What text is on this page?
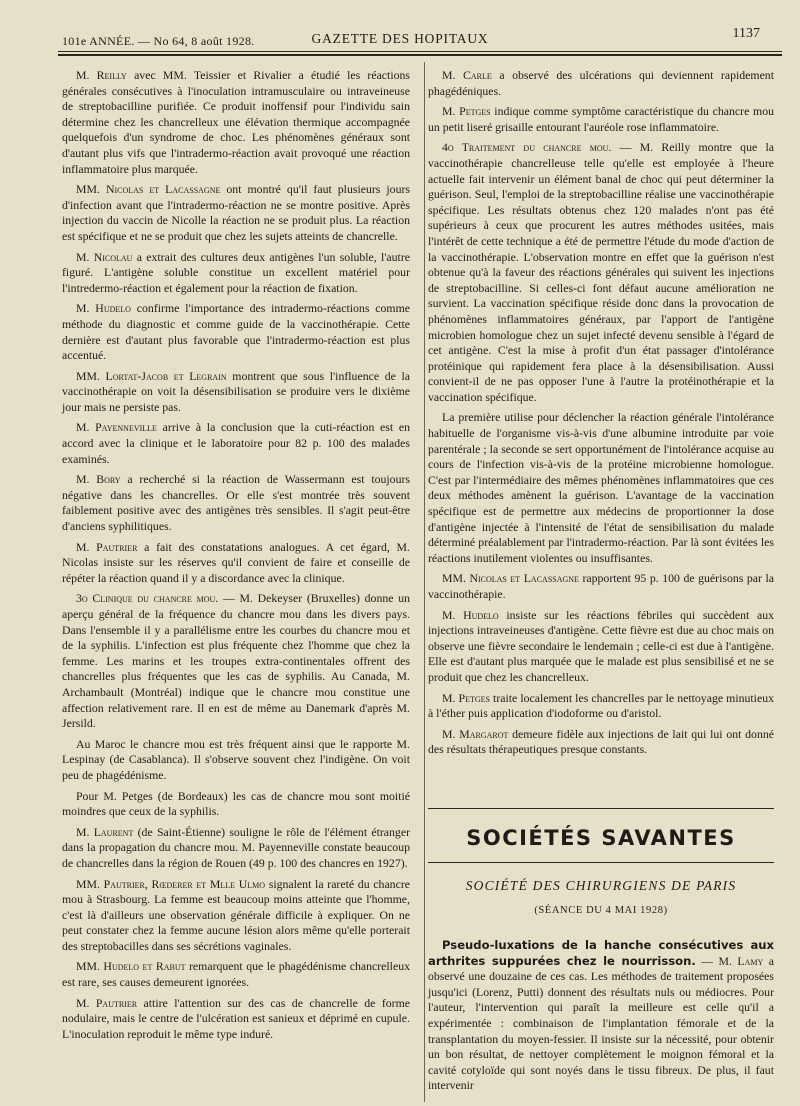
101e ANNÉE. — No 64, 8 août 1928.	GAZETTE DES HOPITAUX	1137

M. Reilly avec MM. Teissier et Rivalier a étudié les réactions générales consécutives à l'inoculation intramusculaire ou intraveineuse de streptobacilline purifiée. Ce produit inoffensif pour l'individu sain détermine chez les chancrelleux une élévation thermique accompagnée quelquefois d'un syndrome de choc. Les phénomènes généraux sont d'autant plus vifs que l'intradermo-réaction avait provoqué une réaction inflammatoire plus marquée.

MM. Nicolas et Lacassagne ont montré qu'il faut plusieurs jours d'infection avant que l'intradermo-réaction ne se montre positive. Après injection du vaccin de Nicolle la réaction ne se produit plus. La réaction est spécifique et ne se produit que chez les sujets atteints de chancrelle.

M. Nicolau a extrait des cultures deux antigènes l'un soluble, l'autre figuré. L'antigène soluble constitue un excellent matériel pour l'intredermo-réaction et également pour la réaction de fixation.

M. Hudelo confirme l'importance des intradermo-réactions comme méthode du diagnostic et comme guide de la vaccinothérapie. Cette dernière est d'autant plus favorable que l'intradermo-réaction est plus accentué.

MM. Lortat-Jacob et Legrain montrent que sous l'influence de la vaccinothérapie on voit la désensibilisation se produire vers le dixième jour mais ne persiste pas.

M. Payenneville arrive à la conclusion que la cuti-réaction est en accord avec la clinique et le laboratoire pour 82 p. 100 des malades examinés.

M. Bory a recherché si la réaction de Wassermann est toujours négative dans les chancrelles. Or elle s'est montrée très souvent faiblement positive avec des antigènes très sensibles. Il s'agit peut-être d'anciens syphilitiques.

M. Pautrier a fait des constatations analogues. A cet égard, M. Nicolas insiste sur les réserves qu'il convient de faire et conseille de répéter la réaction quand il y a discordance avec la clinique.

3o Clinique du chancre mou. — M. Dekeyser (Bruxelles) donne un aperçu général de la fréquence du chancre mou dans les divers pays. Dans l'ensemble il y a parallélisme entre les courbes du chancre mou et de la syphilis. L'infection est plus fréquente chez l'homme que chez la femme. Les marins et les troupes extra-continentales offrent des chancrelles plus fréquentes que les cas de syphilis. Au Canada, M. Archambault (Montréal) indique que le chancre mou constitue une affection relativement rare. Il en est de même au Danemark d'après M. Jersild.

Au Maroc le chancre mou est très fréquent ainsi que le rapporte M. Lespinay (de Casablanca). Il s'observe souvent chez l'indigène. On voit peu de phagédénisme.

Pour M. Petges (de Bordeaux) les cas de chancre mou sont moitié moindres que ceux de la syphilis.

M. Laurent (de Saint-Étienne) souligne le rôle de l'élément étranger dans la propagation du chancre mou. M. Payenneville constate beaucoup de chancrelles dans la région de Rouen (49 p. 100 des chancres en 1927).

MM. Pautrier, Rœderer et Mlle Ulmo signalent la rareté du chancre mou à Strasbourg. La femme est beaucoup moins atteinte que l'homme, c'est là d'ailleurs une observation générale difficile à expliquer. On ne peut constater chez la femme aucune lésion alors même qu'elle porterait des streptobacilles dans ses sécrétions vaginales.

MM. Hudelo et Rabut remarquent que le phagédénisme chancrelleux est rare, ses causes demeurent ignorées.

M. Pautrier attire l'attention sur des cas de chancrelle de forme nodulaire, mais le centre de l'ulcération est sanieux et déprimé en cupule. L'inoculation reproduit le même type induré.

M. Carle a observé des ulcérations qui deviennent rapidement phagédéniques.

M. Petges indique comme symptôme caractéristique du chancre mou un petit liseré grisaille entourant l'auréole rose inflammatoire.

4o Traitement du chancre mou. — M. Reilly montre que la vaccinothérapie chancrelleuse telle qu'elle est employée à l'heure actuelle fait intervenir un élément banal de choc qui peut déterminer la guérison. Seul, l'emploi de la streptobacilline réalise une vaccinothérapie spécifique. Les résultats obtenus chez 120 malades n'ont pas été supérieurs à ceux que procurent les autres méthodes usitées, mais l'intérêt de cette technique a été de permettre l'étude du mode d'action de la vaccinothérapie. L'observation montre en effet que la guérison n'est obtenue qu'à la faveur des réactions générales qui suivent les injections de streptobacilline. Si celles-ci font défaut aucune amélioration ne survient. La vaccination spécifique réside donc dans la provocation de phénomènes inflammatoires généraux, par l'apport de l'antigène microbien homologue chez un sujet infecté devenu sensible à l'égard de cet antigène. C'est la mise à profit d'un état passager d'intolérance protéinique qui rapidement fera place à la désensibilisation. Aussi convient-il de ne pas opposer l'une à l'autre la protéinothérapie et la vaccination spécifique.

La première utilise pour déclencher la réaction générale l'intolérance habituelle de l'organisme vis-à-vis d'une albumine introduite par voie parentérale ; la seconde se sert opportunément de l'intolérance acquise au cours de l'infection vis-à-vis de la protéine microbienne homologue. C'est par l'intermédiaire des mêmes phénomènes inflammatoires que ces deux méthodes amènent la guérison. L'avantage de la vaccination spécifique est de permettre aux médecins de proportionner la dose d'antigène injectée à l'intensité de l'état de sensibilisation du malade déterminé préalablement par l'intradermo-réaction. Par là sont évitées les réactions inutilement violentes ou insuffisantes.

MM. Nicolas et Lacassagne rapportent 95 p. 100 de guérisons par la vaccinothérapie.

M. Hudelo insiste sur les réactions fébriles qui succèdent aux injections intraveineuses d'antigène. Cette fièvre est due au choc mais on observe une fièvre secondaire le lendemain ; celle-ci est due à l'antigène. Elle est d'autant plus marquée que le malade est plus sensibilisé et ne se produit que chez les chancrelleux.

M. Petges traite localement les chancrelles par le nettoyage minutieux à l'éther puis application d'iodoforme ou d'aristol.

M. Margarot demeure fidèle aux injections de lait qui lui ont donné des résultats thérapeutiques presque constants.

SOCIÉTÉS SAVANTES
SOCIÉTÉ DES CHIRURGIENS DE PARIS
(SÉANCE DU 4 MAI 1928)

Pseudo-luxations de la hanche consécutives aux arthrites suppurées chez le nourrisson. — M. Lamy a observé une douzaine de ces cas. Les méthodes de traitement proposées jusqu'ici (Lorenz, Putti) donnent des résultats nuls ou médiocres. Pour l'auteur, l'intervention qui paraît la meilleure est celle qu'il a expérimentée : combinaison de l'implantation fémorale et de la transplantation du moyen-fessier. Il insiste sur la nécessité, pour obtenir un bon résultat, de nettoyer complètement le moignon fémoral et la cavité cotyloïde qui sont noyés dans le tissu fibreux. De plus, il faut intervenir
